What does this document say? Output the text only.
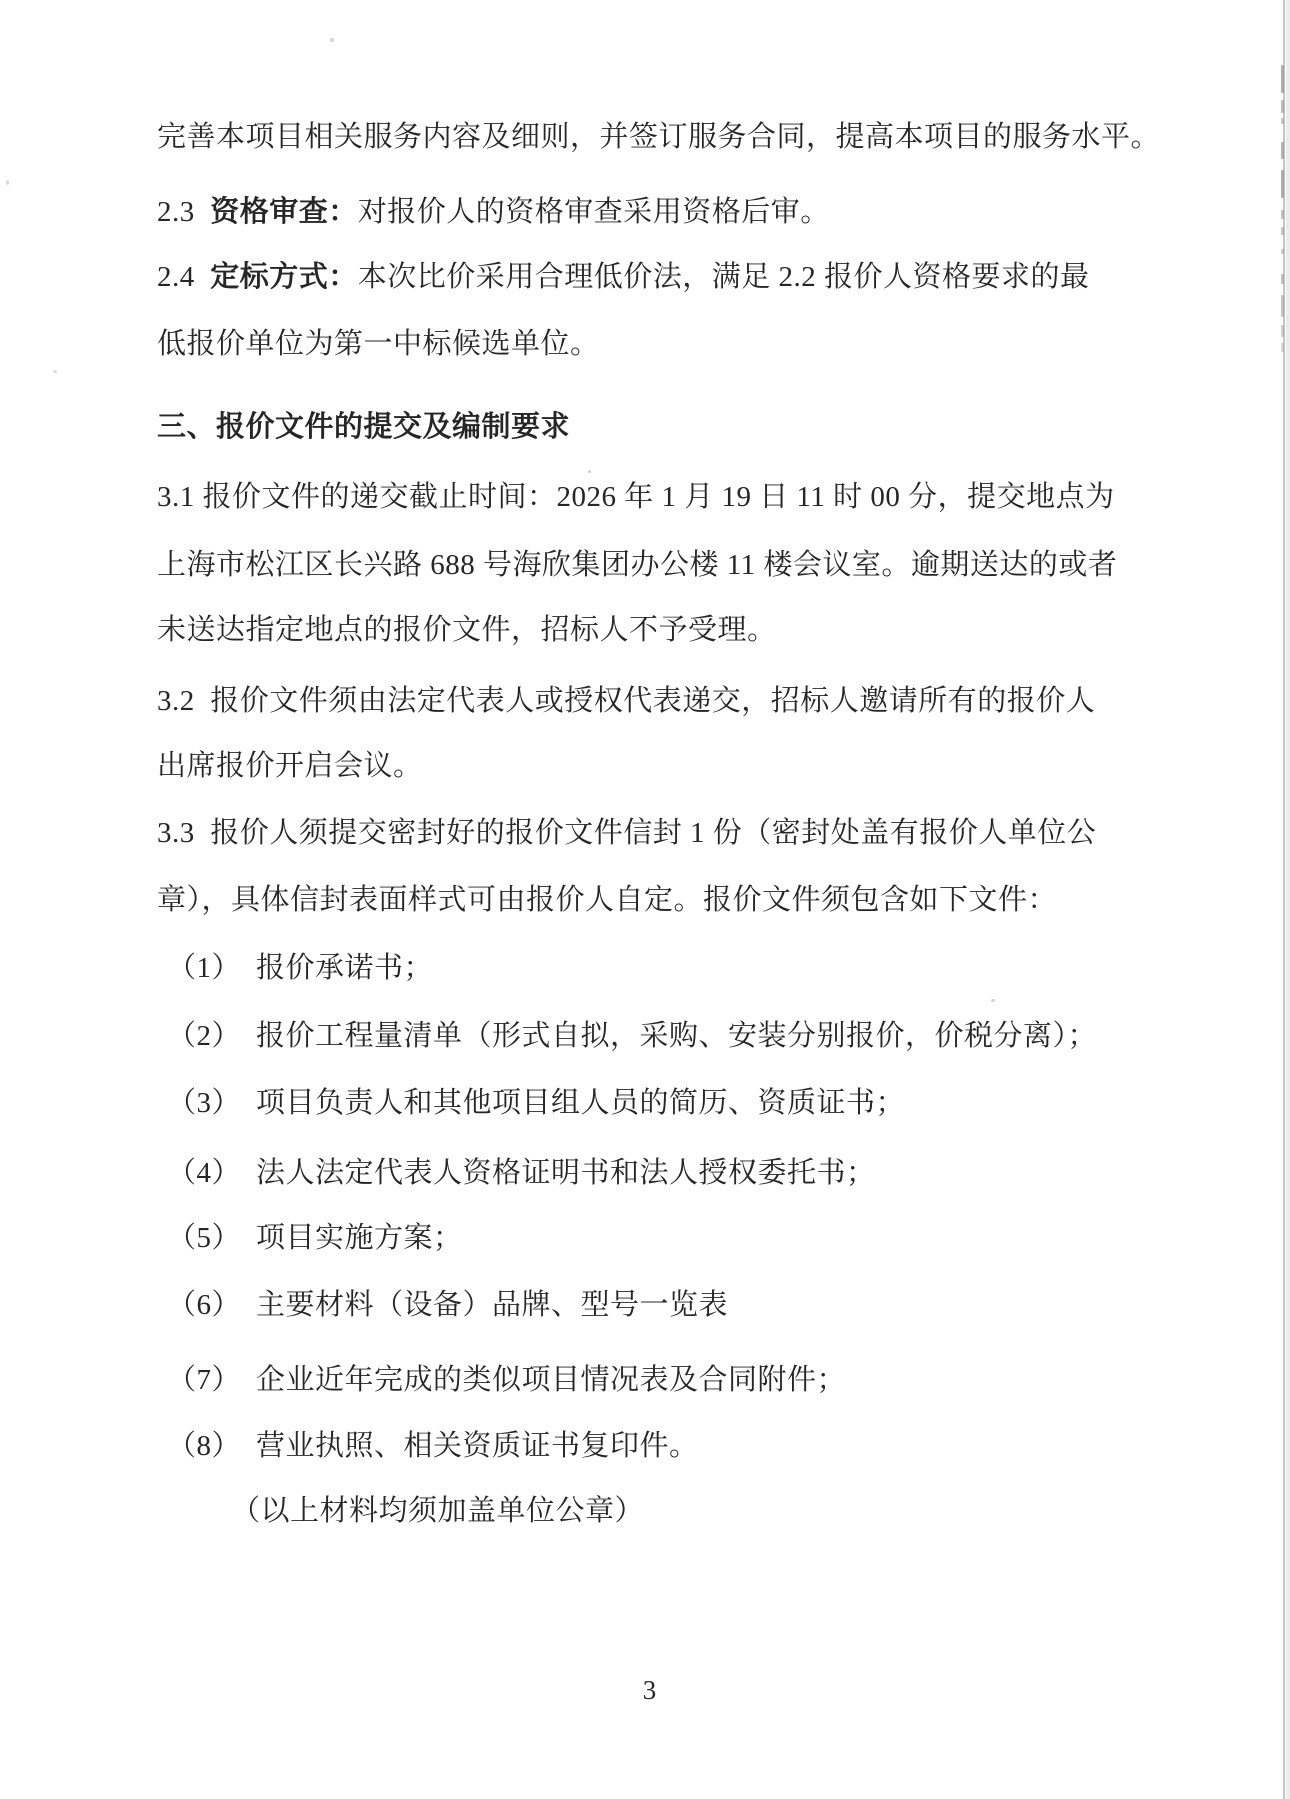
完善本项目相关服务内容及细则，并签订服务合同，提高本项目的服务水平。
2.3  资格审查：对报价人的资格审查采用资格后审。
2.4  定标方式：本次比价采用合理低价法，满足 2.2 报价人资格要求的最
低报价单位为第一中标候选单位。
三、报价文件的提交及编制要求
3.1 报价文件的递交截止时间：2026 年 1 月 19 日 11 时 00 分，提交地点为
上海市松江区长兴路 688 号海欣集团办公楼 11 楼会议室。逾期送达的或者
未送达指定地点的报价文件，招标人不予受理。
3.2  报价文件须由法定代表人或授权代表递交，招标人邀请所有的报价人
出席报价开启会议。
3.3  报价人须提交密封好的报价文件信封 1 份（密封处盖有报价人单位公
章），具体信封表面样式可由报价人自定。报价文件须包含如下文件：
（1）　报价承诺书；
（2）　报价工程量清单（形式自拟，采购、安装分别报价，价税分离）；
（3）　项目负责人和其他项目组人员的简历、资质证书；
（4）　法人法定代表人资格证明书和法人授权委托书；
（5）　项目实施方案；
（6）　主要材料（设备）品牌、型号一览表
（7）　企业近年完成的类似项目情况表及合同附件；
（8）　营业执照、相关资质证书复印件。
（以上材料均须加盖单位公章）
3
